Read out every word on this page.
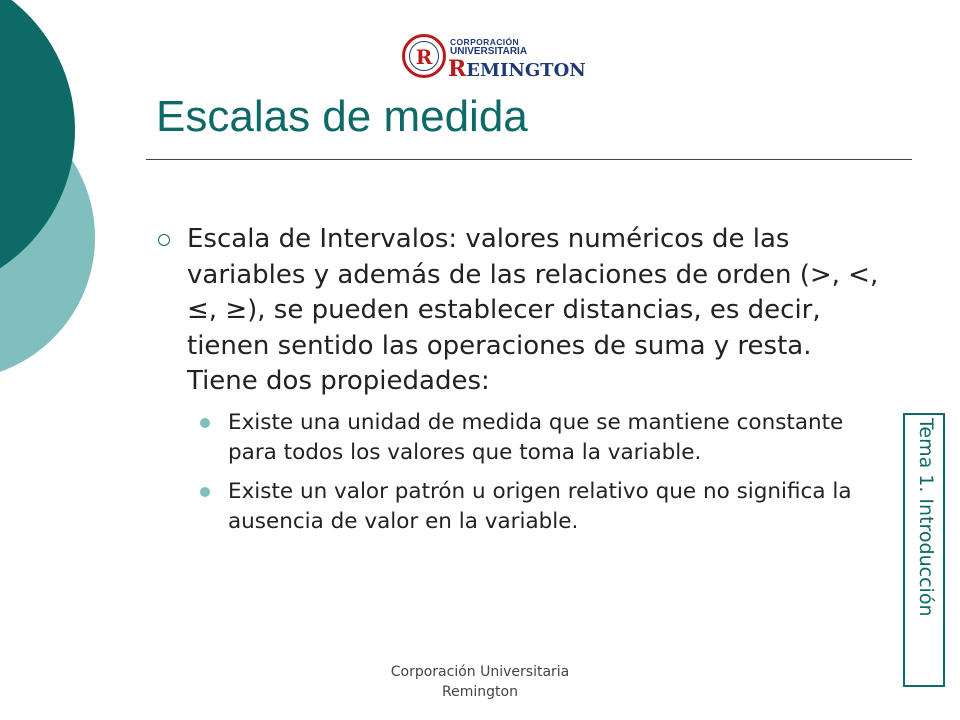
R
CORPORACIÓN
UNIVERSITARIA
REMINGTON
Escalas de medida

Escala de Intervalos: valores numéricos de las variables y además de las relaciones de orden (>, <, ≤, ≥), se pueden establecer distancias, es decir, tienen sentido las operaciones de suma y resta. Tiene dos propiedades:

Existe una unidad de medida que se mantiene constante para todos los valores que toma la variable.

Existe un valor patrón u origen relativo que no significa la ausencia de valor en la variable.

Corporación Universitaria
Remington
Tema 1. Introducción
